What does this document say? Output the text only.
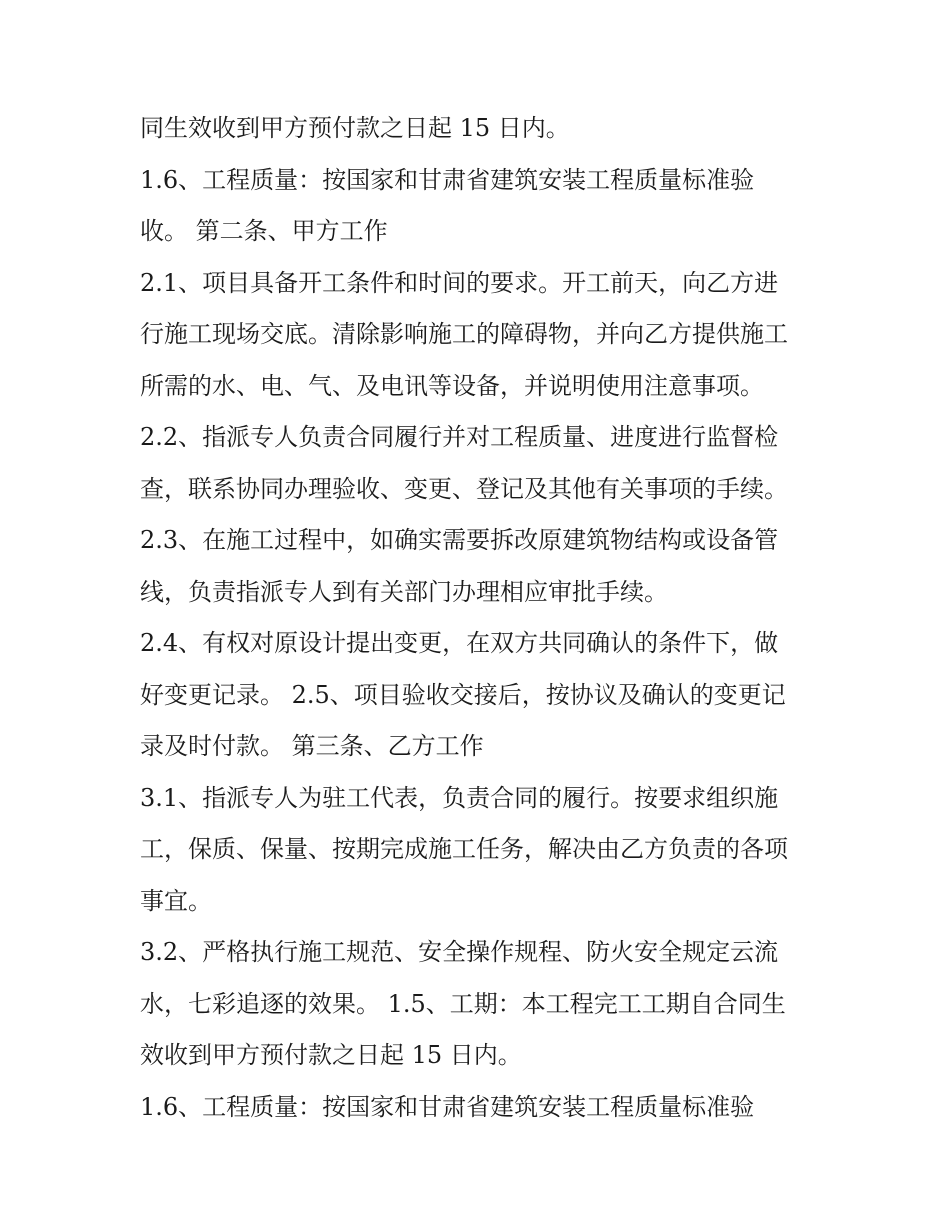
同生效收到甲方预付款之日起 15 日内。
1.6、工程质量：按国家和甘肃省建筑安装工程质量标准验
收。 第二条、甲方工作
2.1、项目具备开工条件和时间的要求。开工前天，向乙方进
行施工现场交底。清除影响施工的障碍物，并向乙方提供施工
所需的水、电、气、及电讯等设备，并说明使用注意事项。
2.2、指派专人负责合同履行并对工程质量、进度进行监督检
查，联系协同办理验收、变更、登记及其他有关事项的手续。
2.3、在施工过程中，如确实需要拆改原建筑物结构或设备管
线，负责指派专人到有关部门办理相应审批手续。
2.4、有权对原设计提出变更，在双方共同确认的条件下，做
好变更记录。 2.5、项目验收交接后，按协议及确认的变更记
录及时付款。 第三条、乙方工作
3.1、指派专人为驻工代表，负责合同的履行。按要求组织施
工，保质、保量、按期完成施工任务，解决由乙方负责的各项
事宜。
3.2、严格执行施工规范、安全操作规程、防火安全规定云流
水，七彩追逐的效果。 1.5、工期：本工程完工工期自合同生
效收到甲方预付款之日起 15 日内。
1.6、工程质量：按国家和甘肃省建筑安装工程质量标准验
